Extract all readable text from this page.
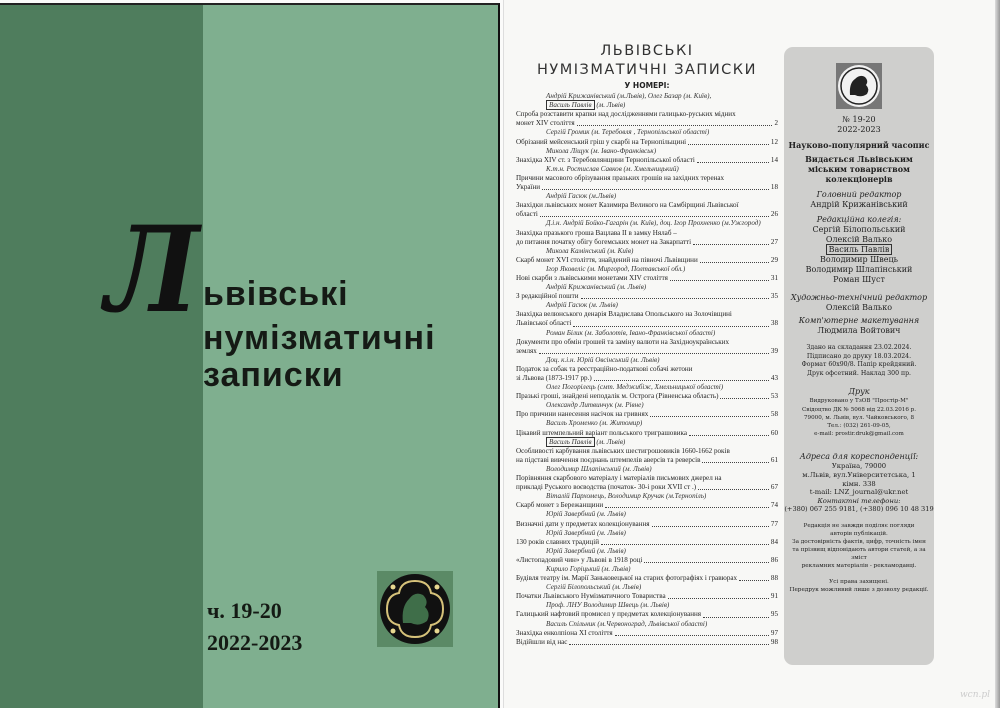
Л ьвівські
нумізматичні
записки
ч. 19-20
2022-2023
ЛЬВІВСЬКІ
НУМІЗМАТИЧНІ ЗАПИСКИ
У НОМЕРІ:
Андрій Крижанівський (м.Львів), Олег Базар (м. Київ),
Василь Павлів (м. Львів)
Спроба розставити крапки над дослідженнями галицько-руських мідних
монет XIV століття	2
Сергій Громик (м. Теребовля , Тернопільської області)
Обрізаний мейсенський гріш у скарбі на Тернопільщині	12
Микола Ліщук (м. Івано-Франківськ)
Знахідка XIV ст. з Теребовлянщини Тернопільської області	14
К.т.н. Ростислав Савков (м. Хмельницький)
Причини масового обрізування празьких грошів на західних теренах
України	18
Андрій Гасюк (м.Львів)
Знахідки львівських монет Казимира Великого на Самбірщині Львівської
області	26
Д.і.н. Андрій Бойко-Гагарін (м. Київ), доц. Ігор Прохненко (м.Ужгород)
Знахідка празького гроша Вацлава II в замку Нялаб –
до питання початку обігу богемських монет на Закарпатті	27
Микола Камінський (м. Київ)
Скарб монет XVI століття, знайдений на півночі Львівщини	29
Ігор Яковеліс (м. Миргород, Полтавської обл.)
Нові скарби з львівськими монетами XIV століття	31
Андрій Крижанівський (м. Львів)
З редакційної пошти	35
Андрій Гасюк (м. Львів)
Знахідка велюнського денарія Владислава Опольського на Золочівщині
Львівської області	38
Роман Білик (м. Заболотів, Івано-Франківської області)
Документи про обмін грошей та заміну валюти на Західноукраїнських
землях	39
Доц. к.і.н. Юрій Овсінський (м. Львів)
Податок за собак та реєстраційно-податкові собачі жетони
зі Львова (1873-1917 рр.)	43
Олег Погорілець (смт. Меджибіж, Хмельницької області)
Празькі гроші, знайдені неподалік м. Острога (Рівненська область)	53
Олександр Литвинчук (м. Рівне)
Про причини нанесення насічок на гривнях	58
Василь Хроменко (м. Житомир)
Цікавий штемпельний варіант польського триграшовика	60
Василь Павлів (м. Львів)
Особливості карбування львівських шестигрошовиків 1660-1662 років
на підставі вивчення поєднань штемпелів аверсів та реверсів	61
Володимир Шлапінський (м. Львів)
Порівняння скарбового матеріалу і матеріалів письмових джерел на
прикладі Руського воєводства (початок- 30-і роки XVII ст .)	67
Віталій Пархомець, Володимир Кручак (м.Тернопіль)
Скарб монет з Бережанщини	74
Юрій Завербний (м. Львів)
Визначні дати у предметах колекціонування	77
Юрій Завербний (м. Львів)
130 років славних традицій	84
Юрій Завербний (м. Львів)
«Листопадовий чин» у Львові в 1918 році	86
Кирило Горіцький (м. Львів)
Будівля театру ім. Марії Заньковецької на старих фотографіях і гравюрах	88
Сергій Білопольський (м. Львів)
Початки Львівського Нумізматичного Товариства	91
Проф. ЛНУ Володимир Швець (м. Львів)
Галицький нафтовий промисел у предметах колекціонування	95
Василь Спільник (м.Червоноград, Львівської області)
Знахідка енколпіона XI століття	97
Відійшли від нас	98
№ 19-20
2022-2023
Науково-популярний часопис
Видається Львівським міським товариством колекціонерів
Головний редактор
Андрій Крижанівський
Редакційна колегія:
Сергій Білопольський
Олексій Валько
Василь Павлів
Володимир Швець
Володимир Шлапінський
Роман Шуст
Художньо-технічний редактор
Олексій Валько
Комп'ютерне макетування
Людмила Войтович
Здано на складання 23.02.2024.
Підписано до друку 18.03.2024.
Формат 60х90/8. Папір крейдяний.
Друк офсетний. Наклад 300 пр.
Друк
Видруковано у ТзОВ "Простір-М"
Свідоцтво ДК № 5068 від 22.03.2016 р.
79000, м. Львів, вул. Чайковського, 8
Тел.: (032) 261-09-05,
e-mail: prostir.druk@gmail.com
Адреса для кореспонденції:
Україна, 79000
м.Львів, вул.Університетська, 1
кімн. 338
t-mail: LNZ_journal@ukr.net
Контактні телефони:
(+380) 067 255 9181, (+380) 096 10 48 319
Редакція не завжди поділяє погляди
авторів публікацій.
За достовірність фактів, цифр, точність імен
та прізвищ відповідають автори статей, а за зміст
рекламних матеріалів - рекламодавці.
Усі права захищені.
Передрук можливий лише з дозволу редакції.
wcn.pl
